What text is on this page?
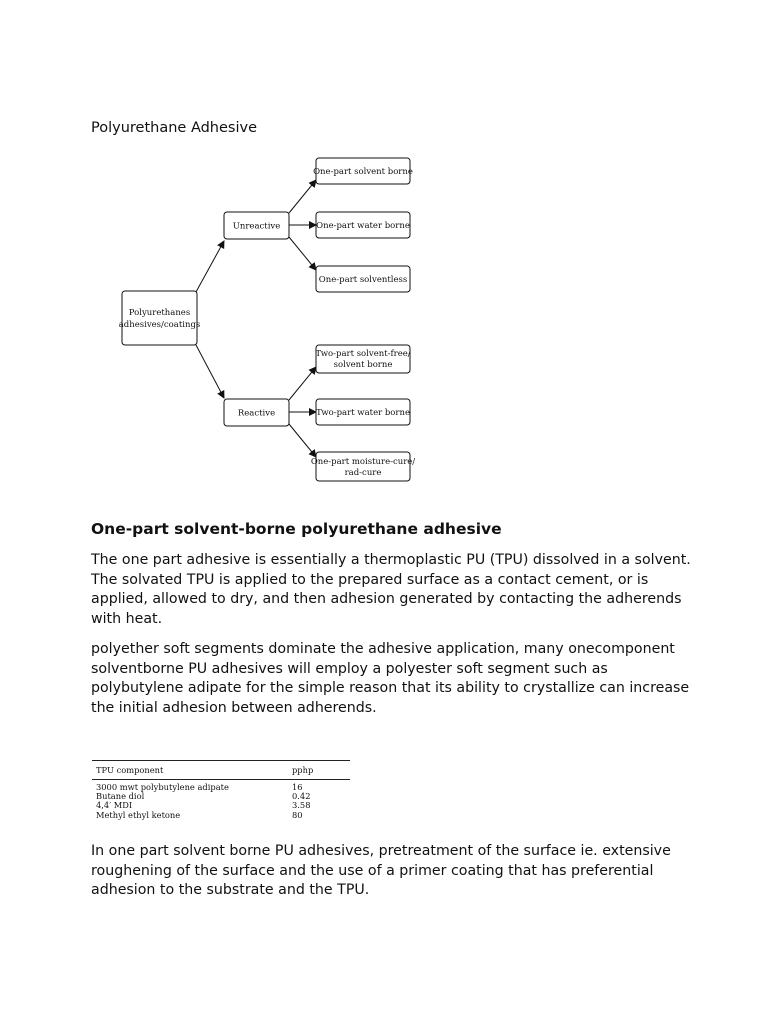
Polyurethane Adhesive
Polyurethanes
adhesives/coatings
Unreactive
Reactive
One-part solvent borne
One-part water borne
One-part solventless
Two-part solvent-free/
solvent borne
Two-part water borne
One-part moisture-cure/
rad-cure
One-part solvent-borne polyurethane adhesive

The one part adhesive is essentially a thermoplastic PU (TPU) dissolved in a solvent. The solvated TPU is applied to the prepared surface as a contact cement, or is applied, allowed to dry, and then adhesion generated by contacting the adherends with heat.

polyether soft segments dominate the adhesive application, many onecomponent solventborne PU adhesives will employ a polyester soft segment such as polybutylene adipate for the simple reason that its ability to crystallize can increase the initial adhesion between adherends.

TPU component	pphp
3000 mwt polybutylene adipate	16
Butane diol	0.42
4,4′ MDI	3.58
Methyl ethyl ketone	80

In one part solvent borne PU adhesives, pretreatment of the surface ie. extensive roughening of the surface and the use of a primer coating that has preferential adhesion to the substrate and the TPU.
